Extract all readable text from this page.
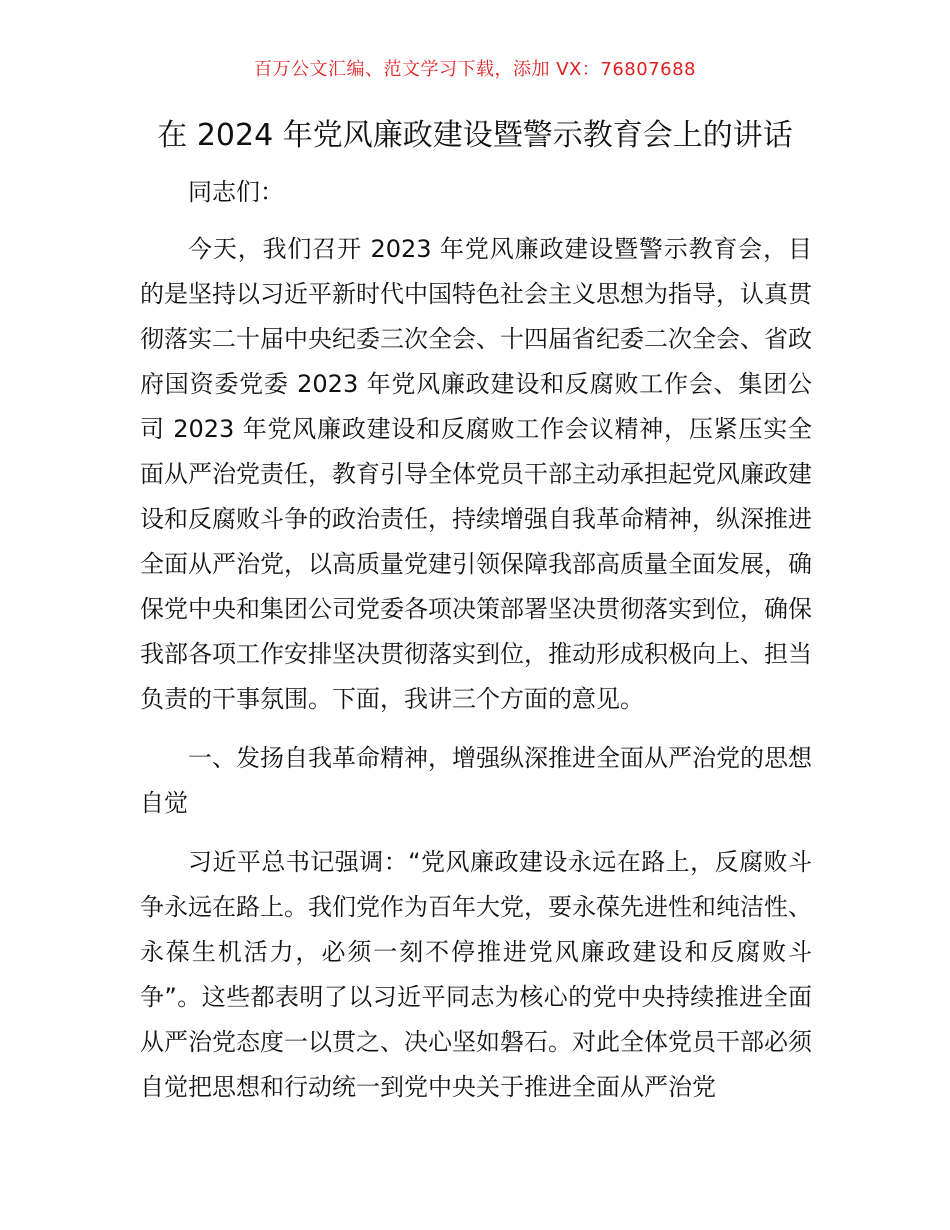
百万公文汇编、范文学习下载，添加 VX：76807688
在 2024 年党风廉政建设暨警示教育会上的讲话

同志们：

今天，我们召开 2023 年党风廉政建设暨警示教育会，目的是坚持以习近平新时代中国特色社会主义思想为指导，认真贯彻落实二十届中央纪委三次全会、十四届省纪委二次全会、省政府国资委党委 2023 年党风廉政建设和反腐败工作会、集团公司 2023 年党风廉政建设和反腐败工作会议精神，压紧压实全面从严治党责任，教育引导全体党员干部主动承担起党风廉政建设和反腐败斗争的政治责任，持续增强自我革命精神，纵深推进全面从严治党，以高质量党建引领保障我部高质量全面发展，确保党中央和集团公司党委各项决策部署坚决贯彻落实到位，确保我部各项工作安排坚决贯彻落实到位，推动形成积极向上、担当负责的干事氛围。下面，我讲三个方面的意见。

一、发扬自我革命精神，增强纵深推进全面从严治党的思想自觉

习近平总书记强调：“党风廉政建设永远在路上，反腐败斗争永远在路上。我们党作为百年大党，要永葆先进性和纯洁性、永葆生机活力，必须一刻不停推进党风廉政建设和反腐败斗争”。这些都表明了以习近平同志为核心的党中央持续推进全面从严治党态度一以贯之、决心坚如磐石。对此全体党员干部必须自觉把思想和行动统一到党中央关于推进全面从严治党
